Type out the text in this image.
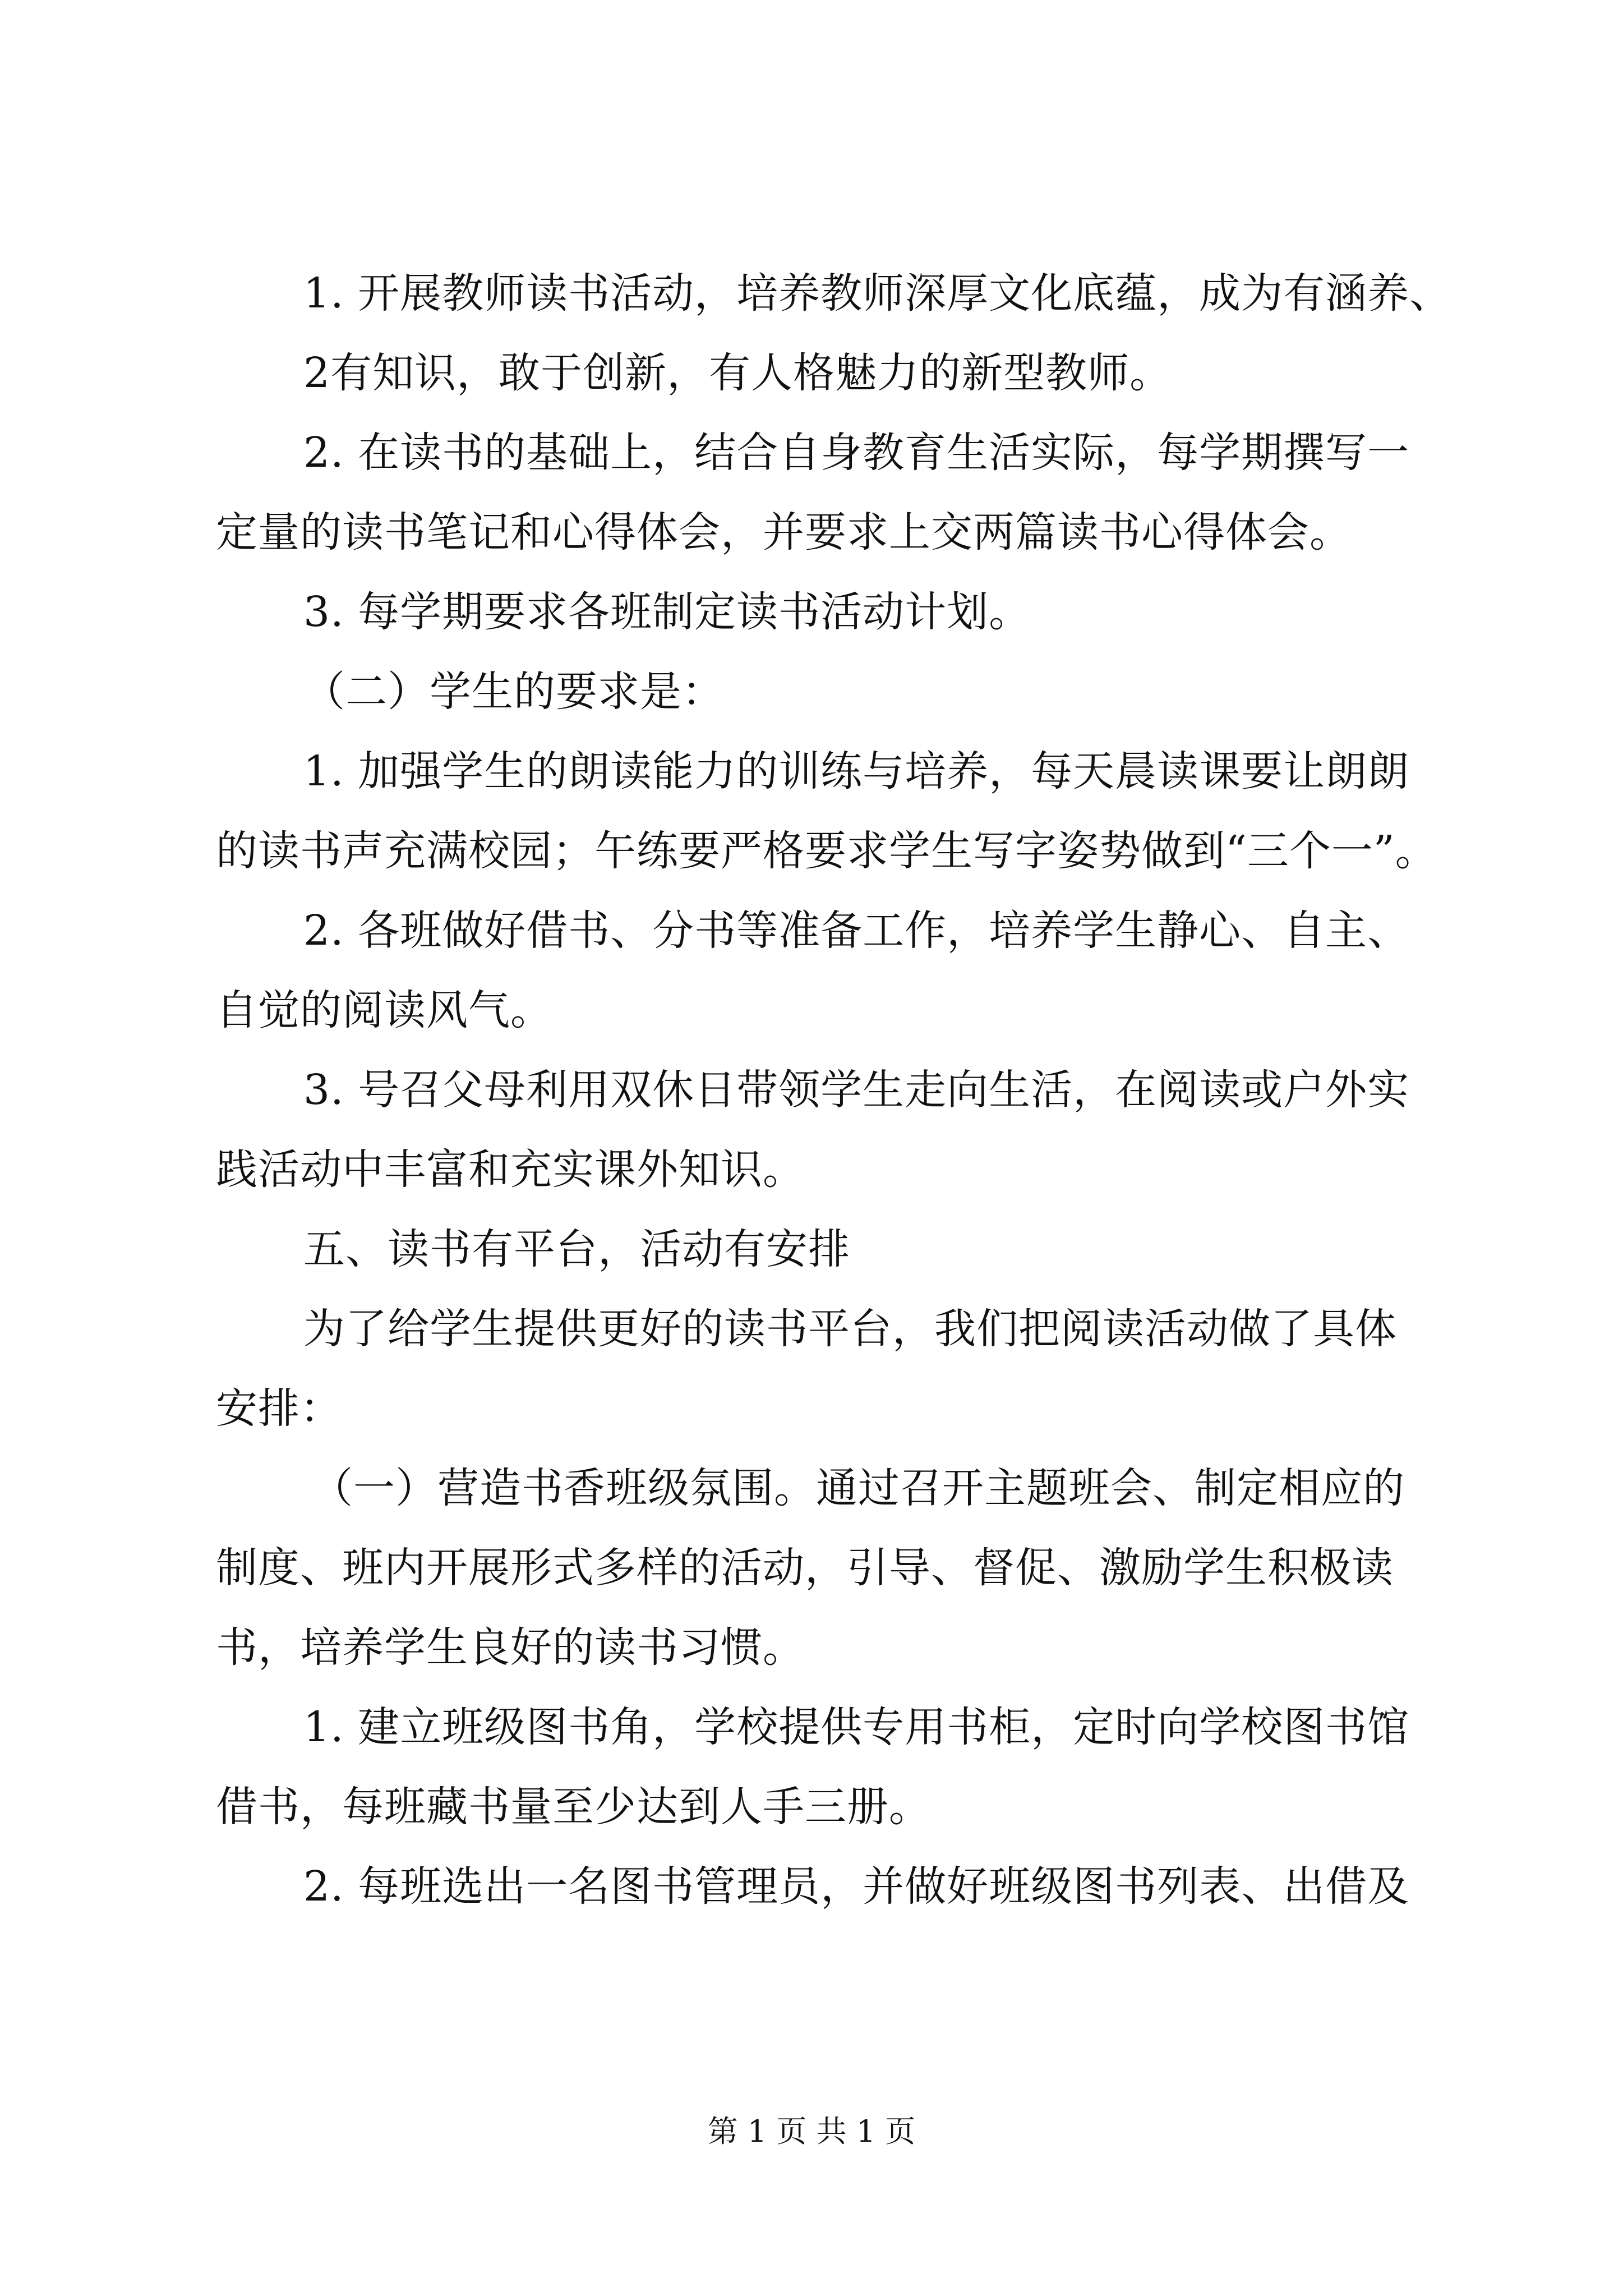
1. 开展教师读书活动，培养教师深厚文化底蕴，成为有涵养、
2有知识，敢于创新，有人格魅力的新型教师。
2. 在读书的基础上，结合自身教育生活实际，每学期撰写一
定量的读书笔记和心得体会，并要求上交两篇读书心得体会。
3. 每学期要求各班制定读书活动计划。
（二）学生的要求是：
1. 加强学生的朗读能力的训练与培养，每天晨读课要让朗朗
的读书声充满校园；午练要严格要求学生写字姿势做到“三个一”。
2. 各班做好借书、分书等准备工作，培养学生静心、自主、
自觉的阅读风气。
3. 号召父母利用双休日带领学生走向生活，在阅读或户外实
践活动中丰富和充实课外知识。
五、读书有平台，活动有安排
为了给学生提供更好的读书平台，我们把阅读活动做了具体
安排：
（一）营造书香班级氛围。通过召开主题班会、制定相应的
制度、班内开展形式多样的活动，引导、督促、激励学生积极读
书，培养学生良好的读书习惯。
1. 建立班级图书角，学校提供专用书柜，定时向学校图书馆
借书，每班藏书量至少达到人手三册。
2. 每班选出一名图书管理员，并做好班级图书列表、出借及
第 1 页 共 1 页
